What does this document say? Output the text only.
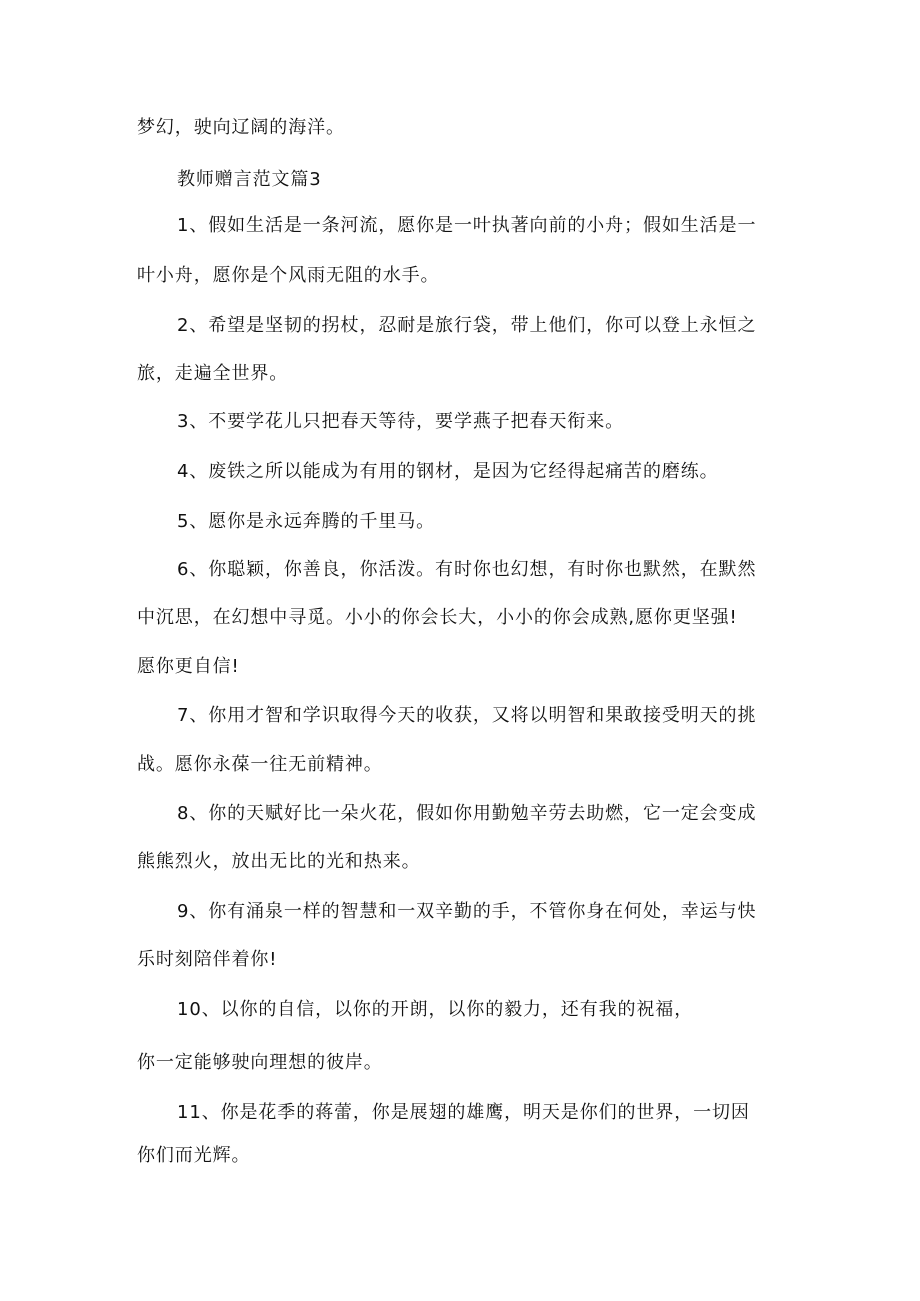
梦幻，驶向辽阔的海洋。
教师赠言范文篇3
1、假如生活是一条河流，愿你是一叶执著向前的小舟；假如生活是一
叶小舟，愿你是个风雨无阻的水手。
2、希望是坚韧的拐杖，忍耐是旅行袋，带上他们，你可以登上永恒之
旅，走遍全世界。
3、不要学花儿只把春天等待，要学燕子把春天衔来。
4、废铁之所以能成为有用的钢材，是因为它经得起痛苦的磨练。
5、愿你是永远奔腾的千里马。
6、你聪颖，你善良，你活泼。有时你也幻想，有时你也默然，在默然
中沉思，在幻想中寻觅。小小的你会长大，小小的你会成熟,愿你更坚强!
愿你更自信!
7、你用才智和学识取得今天的收获，又将以明智和果敢接受明天的挑
战。愿你永葆一往无前精神。
8、你的天赋好比一朵火花，假如你用勤勉辛劳去助燃，它一定会变成
熊熊烈火，放出无比的光和热来。
9、你有涌泉一样的智慧和一双辛勤的手，不管你身在何处，幸运与快
乐时刻陪伴着你!
10、以你的自信，以你的开朗，以你的毅力，还有我的祝福，
你一定能够驶向理想的彼岸。
11、你是花季的蒋蕾，你是展翅的雄鹰，明天是你们的世界，一切因
你们而光辉。
